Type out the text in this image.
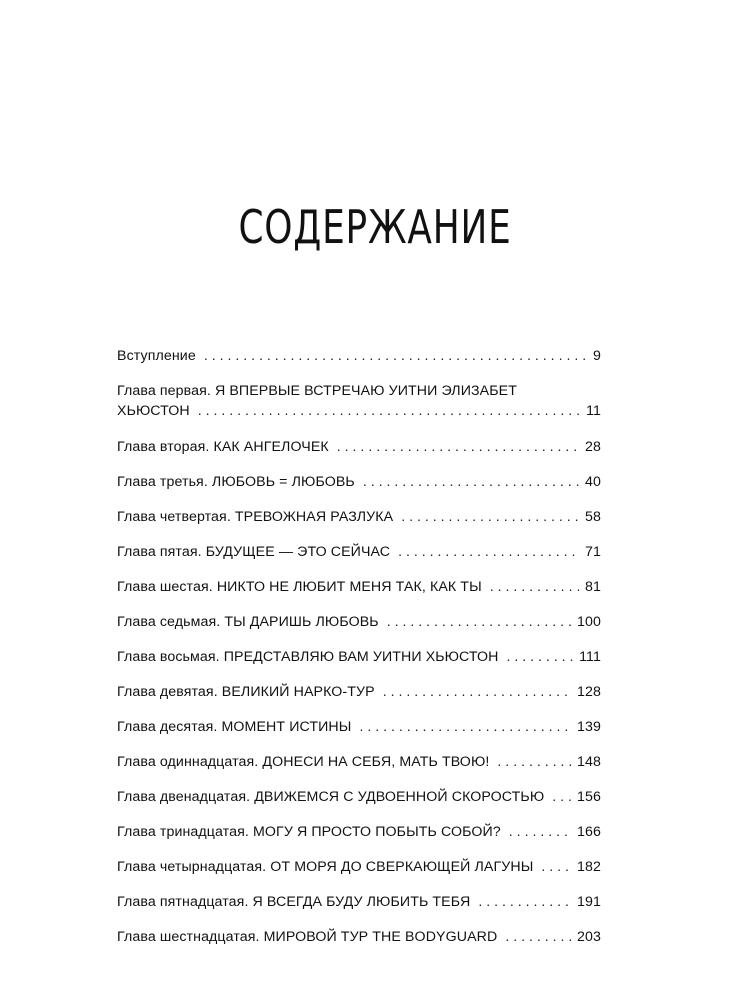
СОДЕРЖАНИЕ
Вступление . . .	9
Глава первая. Я ВПЕРВЫЕ ВСТРЕЧАЮ УИТНИ ЭЛИЗАБЕТ
ХЬЮСТОН . . .	11
Глава вторая. КАК АНГЕЛОЧЕК . . .	28
Глава третья. ЛЮБОВЬ = ЛЮБОВЬ . . .	40
Глава четвертая. ТРЕВОЖНАЯ РАЗЛУКА . . .	58
Глава пятая. БУДУЩЕЕ — ЭТО СЕЙЧАС . . .	71
Глава шестая. НИКТО НЕ ЛЮБИТ МЕНЯ ТАК, КАК ТЫ . . .	81
Глава седьмая. ТЫ ДАРИШЬ ЛЮБОВЬ . . .	100
Глава восьмая. ПРЕДСТАВЛЯЮ ВАМ УИТНИ ХЬЮСТОН . . .	111
Глава девятая. ВЕЛИКИЙ НАРКО-ТУР . . .	128
Глава десятая. МОМЕНТ ИСТИНЫ . . .	139
Глава одиннадцатая. ДОНЕСИ НА СЕБЯ, МАТЬ ТВОЮ! . . .	148
Глава двенадцатая. ДВИЖЕМСЯ С УДВОЕННОЙ СКОРОСТЬЮ . . . 156
Глава тринадцатая. МОГУ Я ПРОСТО ПОБЫТЬ СОБОЙ? . . .	166
Глава четырнадцатая. ОТ МОРЯ ДО СВЕРКАЮЩЕЙ ЛАГУНЫ . . .	182
Глава пятнадцатая. Я ВСЕГДА БУДУ ЛЮБИТЬ ТЕБЯ . . .	191
Глава шестнадцатая. МИРОВОЙ ТУР THE BODYGUARD . . .	203
